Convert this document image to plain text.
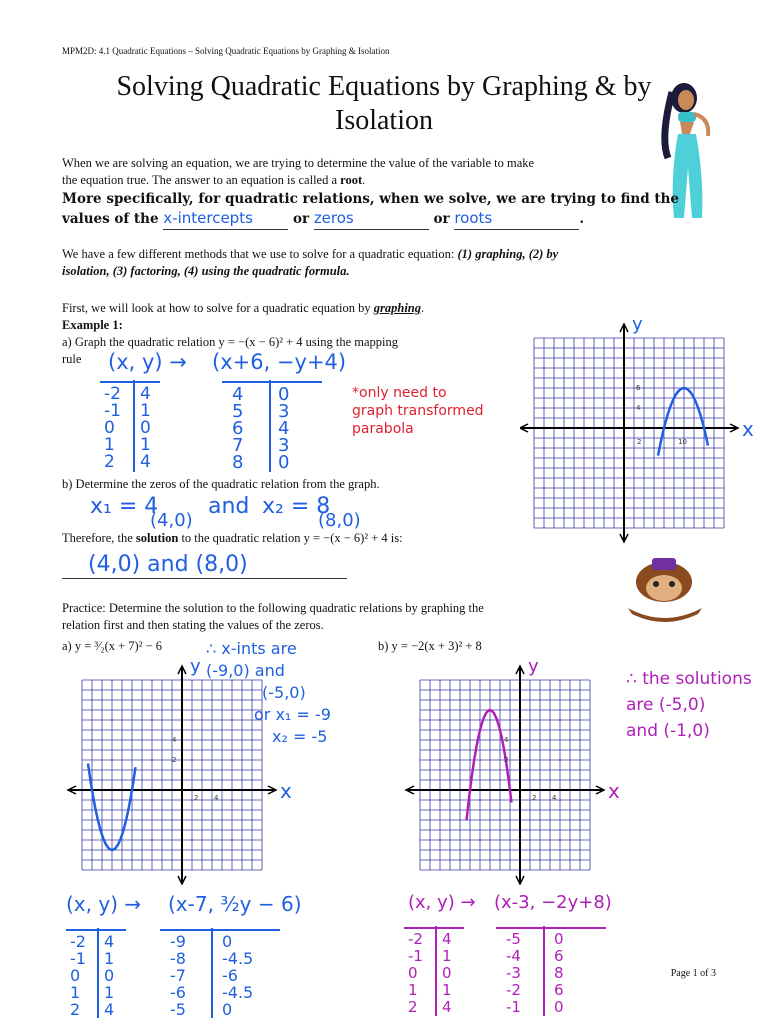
MPM2D: 4.1 Quadratic Equations – Solving Quadratic Equations by Graphing & Isolation
Solving Quadratic Equations by Graphing & by
Isolation
When we are solving an equation, we are trying to determine the value of the variable to make
the equation true. The answer to an equation is called a root.
More specifically, for quadratic relations, when we solve, we are trying to find the
values of the x-intercepts	or zeros	or roots	.
We have a few different methods that we use to solve for a quadratic equation: (1) graphing, (2) by
isolation, (3) factoring, (4) using the quadratic formula.
First, we will look at how to solve for a quadratic equation by graphing.
Example 1:
a) Graph the quadratic relation y = −(x − 6)² + 4 using the mapping
rule	(x, y) → (x+6, −y+4)
-2 4
-1 1
0 0
1 1
2 4
4 0
5 3
6 4
7 3
8 0
*only need to
graph transformed
parabola
2	10
4
6
y
x
b) Determine the zeros of the quadratic relation from the graph.
x₁ = 4
(4,0)
and x₂ = 8
(8,0)
Therefore, the solution to the quadratic relation y = −(x − 6)² + 4 is:
(4,0) and (8,0)
Practice: Determine the solution to the following quadratic relations by graphing the
relation first and then stating the values of the zeros.
a) y = ³⁄₂(x + 7)² − 6	b) y = −2(x + 3)² + 8
∴ x-ints are
(-9,0) and
(-5,0)
or x₁ = -9
x₂ = -5
∴ the solutions
are (-5,0)
and (-1,0)
2
4
2 4
y
x
2
4
2 4
y
x
(x, y) → (x-7, ³⁄₂y − 6)
-2 4
-1 1
0 0
1 1
2 4
-9 0
-8 -4.5
-7 -6
-6 -4.5
-5 0
(x, y) → (x-3, −2y+8)
-2 4
-1 1
0 0
1 1
2 4
-5 0
-4 6
-3 8
-2 6
-1 0
Page 1 of 3
